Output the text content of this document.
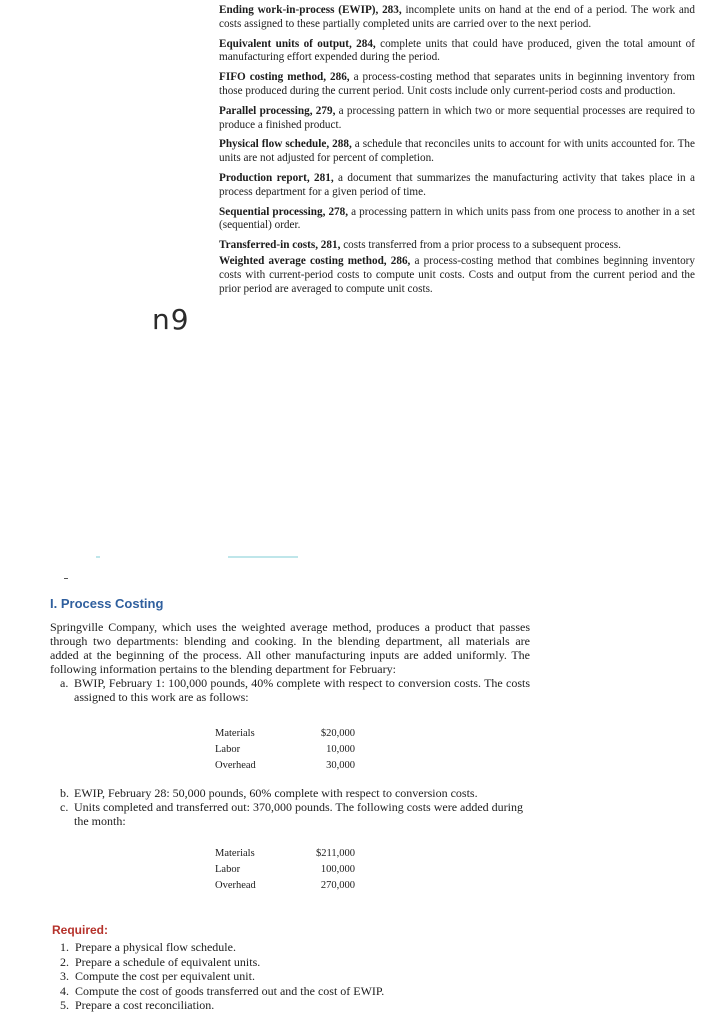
Ending work-in-process (EWIP), 283, incomplete units on hand at the end of a period. The work and costs assigned to these partially completed units are carried over to the next period.
Equivalent units of output, 284, complete units that could have produced, given the total amount of manufacturing effort expended during the period.
FIFO costing method, 286, a process-costing method that separates units in beginning inventory from those produced during the current period. Unit costs include only current-period costs and production.
Parallel processing, 279, a processing pattern in which two or more sequential processes are required to produce a finished product.
Physical flow schedule, 288, a schedule that reconciles units to account for with units accounted for. The units are not adjusted for percent of completion.
Production report, 281, a document that summarizes the manufacturing activity that takes place in a process department for a given period of time.
Sequential processing, 278, a processing pattern in which units pass from one process to another in a set (sequential) order.
Transferred-in costs, 281, costs transferred from a prior process to a subsequent process.
Weighted average costing method, 286, a process-costing method that combines beginning inventory costs with current-period costs to compute unit costs. Costs and output from the current period and the prior period are averaged to compute unit costs.
n9
I. Process Costing

Springville Company, which uses the weighted average method, produces a product that passes through two departments: blending and cooking. In the blending department, all materials are added at the beginning of the process. All other manufacturing inputs are added uniformly. The following information pertains to the blending department for February:

a. BWIP, February 1: 100,000 pounds, 40% complete with respect to conversion costs. The costs assigned to this work are as follows:

Materials	$20,000
Labor	10,000
Overhead	30,000

b. EWIP, February 28: 50,000 pounds, 60% complete with respect to conversion costs.

c. Units completed and transferred out: 370,000 pounds. The following costs were added during the month:

Materials	$211,000
Labor	100,000
Overhead	270,000
Required:
1. Prepare a physical flow schedule.
2. Prepare a schedule of equivalent units.
3. Compute the cost per equivalent unit.
4. Compute the cost of goods transferred out and the cost of EWIP.
5. Prepare a cost reconciliation.
